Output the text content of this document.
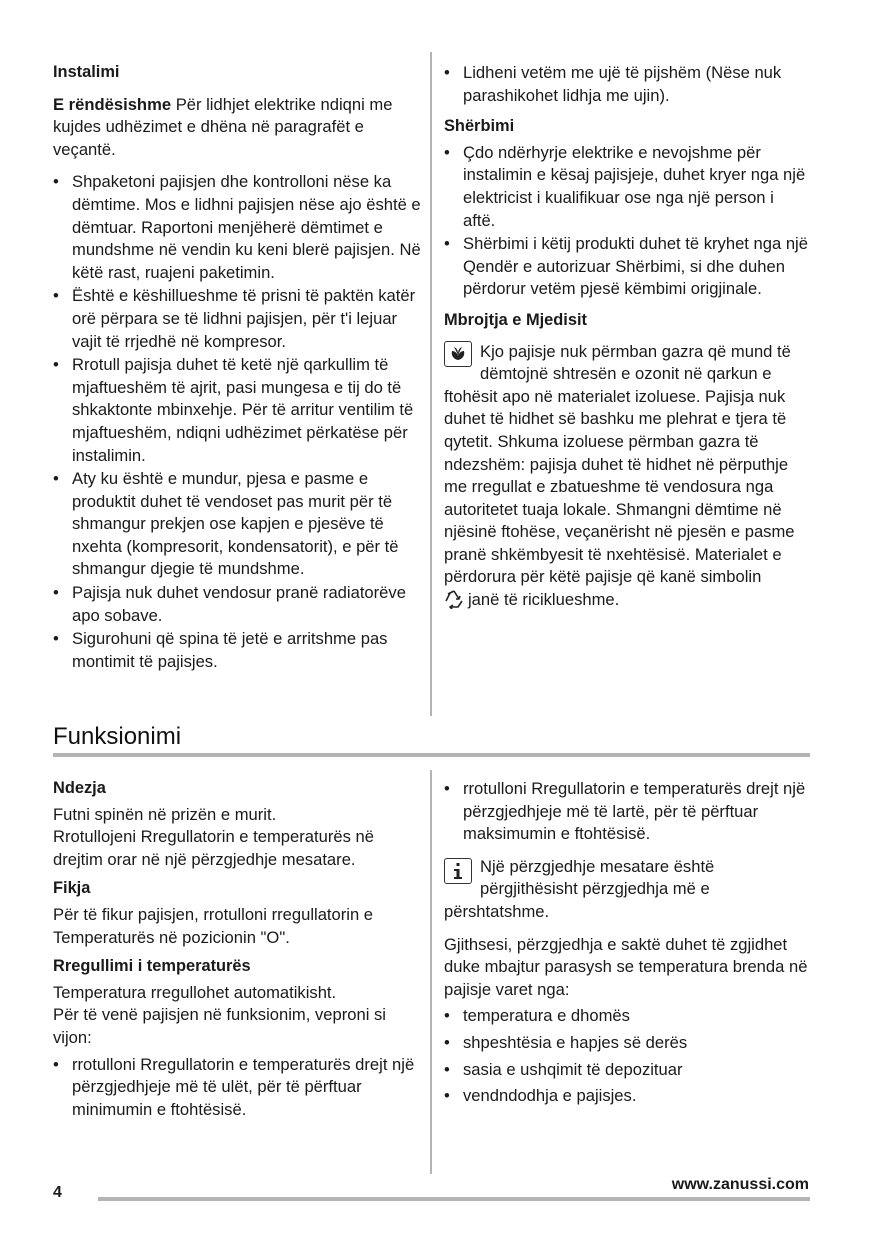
Instalimi

E rëndësishme Për lidhjet elektrike ndiqni me kujdes udhëzimet e dhëna në paragrafët e veçantë.

• Shpaketoni pajisjen dhe kontrolloni nëse ka dëmtime. Mos e lidhni pajisjen nëse ajo është e dëmtuar. Raportoni menjëherë dëmtimet e mundshme në vendin ku keni blerë pajisjen. Në këtë rast, ruajeni paketimin.
• Është e këshillueshme të prisni të paktën katër orë përpara se të lidhni pajisjen, për t'i lejuar vajit të rrjedhë në kompresor.
• Rrotull pajisja duhet të ketë një qarkullim të mjaftueshëm të ajrit, pasi mungesa e tij do të shkaktonte mbinxehje. Për të arritur ventilim të mjaftueshëm, ndiqni udhëzimet përkatëse për instalimin.
• Aty ku është e mundur, pjesa e pasme e produktit duhet të vendoset pas murit për të shmangur prekjen ose kapjen e pjesëve të nxehta (kompresorit, kondensatorit), e për të shmangur djegie të mundshme.
• Pajisja nuk duhet vendosur pranë radiatorëve apo sobave.
• Sigurohuni që spina të jetë e arritshme pas montimit të pajisjes.
• Lidheni vetëm me ujë të pijshëm (Nëse nuk parashikohet lidhja me ujin).

Shërbimi

• Çdo ndërhyrje elektrike e nevojshme për instalimin e kësaj pajisjeje, duhet kryer nga një elektricist i kualifikuar ose nga një person i aftë.
• Shërbimi i këtij produkti duhet të kryhet nga një Qendër e autorizuar Shërbimi, si dhe duhen përdorur vetëm pjesë këmbimi origjinale.

Mbrojtja e Mjedisit

Kjo pajisje nuk përmban gazra që mund të dëmtojnë shtresën e ozonit në qarkun e ftohësit apo në materialet izoluese. Pajisja nuk duhet të hidhet së bashku me plehrat e tjera të qytetit. Shkuma izoluese përmban gazra të ndezshëm: pajisja duhet të hidhet në përputhje me rregullat e zbatueshme të vendosura nga autoritetet tuaja lokale. Shmangni dëmtime në njësinë ftohëse, veçanërisht në pjesën e pasme pranë shkëmbyesit të nxehtësisë. Materialet e përdorura për këtë pajisje që kanë simbolin
janë të riciklueshme.

Funksionimi

Ndezja

Futni spinën në prizën e murit.

Rrotullojeni Rregullatorin e temperaturës në drejtim orar në një përzgjedhje mesatare.

Fikja

Për të fikur pajisjen, rrotulloni rregullatorin e Temperaturës në pozicionin "O".

Rregullimi i temperaturës

Temperatura rregullohet automatikisht.

Për të venë pajisjen në funksionim, veproni si vijon:

• rrotulloni Rregullatorin e temperaturës drejt një përzgjedhjeje më të ulët, për të përftuar minimumin e ftohtësisë.
• rrotulloni Rregullatorin e temperaturës drejt një përzgjedhjeje më të lartë, për të përftuar maksimumin e ftohtësisë.

Një përzgjedhje mesatare është përgjithësisht përzgjedhja më e përshtatshme.

Gjithsesi, përzgjedhja e saktë duhet të zgjidhet duke mbajtur parasysh se temperatura brenda në pajisje varet nga:

• temperatura e dhomës
• shpeshtësia e hapjes së derës
• sasia e ushqimit të depozituar
• vendndodhja e pajisjes.
4	www.zanussi.com
